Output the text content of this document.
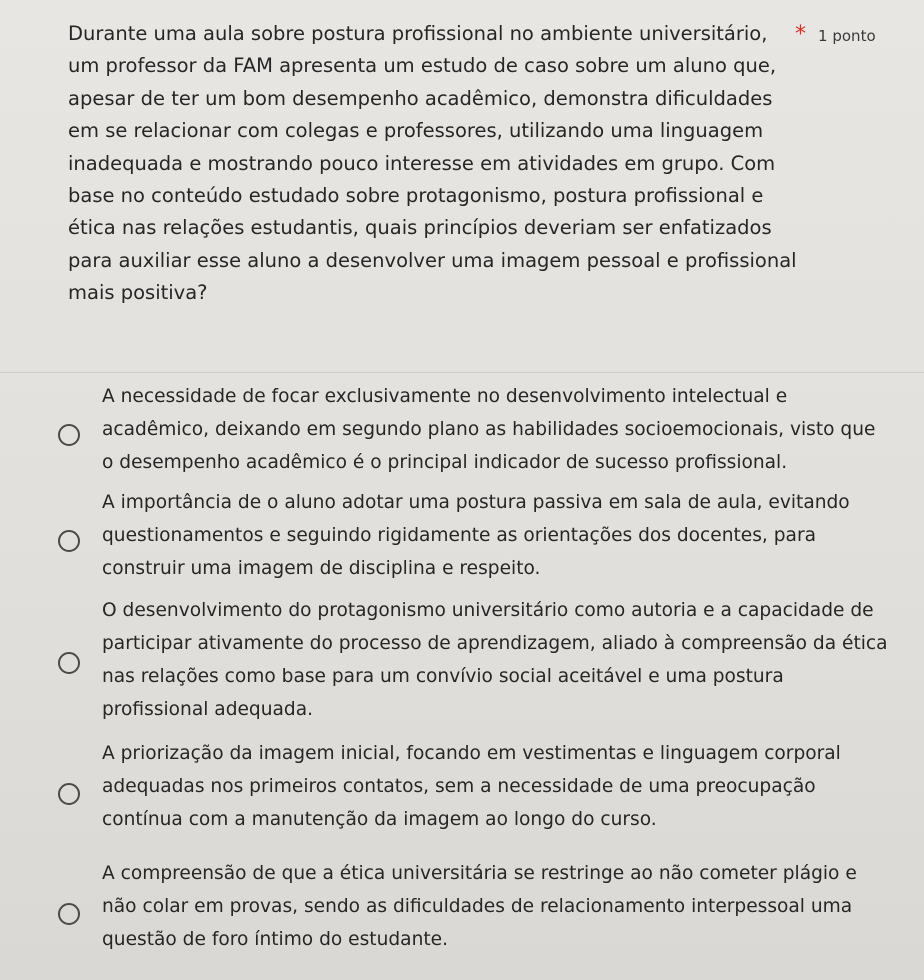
Durante uma aula sobre postura profissional no ambiente universitário, um professor da FAM apresenta um estudo de caso sobre um aluno que, apesar de ter um bom desempenho acadêmico, demonstra dificuldades em se relacionar com colegas e professores, utilizando uma linguagem inadequada e mostrando pouco interesse em atividades em grupo. Com base no conteúdo estudado sobre protagonismo, postura profissional e ética nas relações estudantis, quais princípios deveriam ser enfatizados para auxiliar esse aluno a desenvolver uma imagem pessoal e profissional mais positiva?
* 1 ponto
A necessidade de focar exclusivamente no desenvolvimento intelectual e acadêmico, deixando em segundo plano as habilidades socioemocionais, visto que o desempenho acadêmico é o principal indicador de sucesso profissional.
A importância de o aluno adotar uma postura passiva em sala de aula, evitando questionamentos e seguindo rigidamente as orientações dos docentes, para construir uma imagem de disciplina e respeito.
O desenvolvimento do protagonismo universitário como autoria e a capacidade de participar ativamente do processo de aprendizagem, aliado à compreensão da ética nas relações como base para um convívio social aceitável e uma postura profissional adequada.
A priorização da imagem inicial, focando em vestimentas e linguagem corporal adequadas nos primeiros contatos, sem a necessidade de uma preocupação contínua com a manutenção da imagem ao longo do curso.
A compreensão de que a ética universitária se restringe ao não cometer plágio e não colar em provas, sendo as dificuldades de relacionamento interpessoal uma questão de foro íntimo do estudante.
